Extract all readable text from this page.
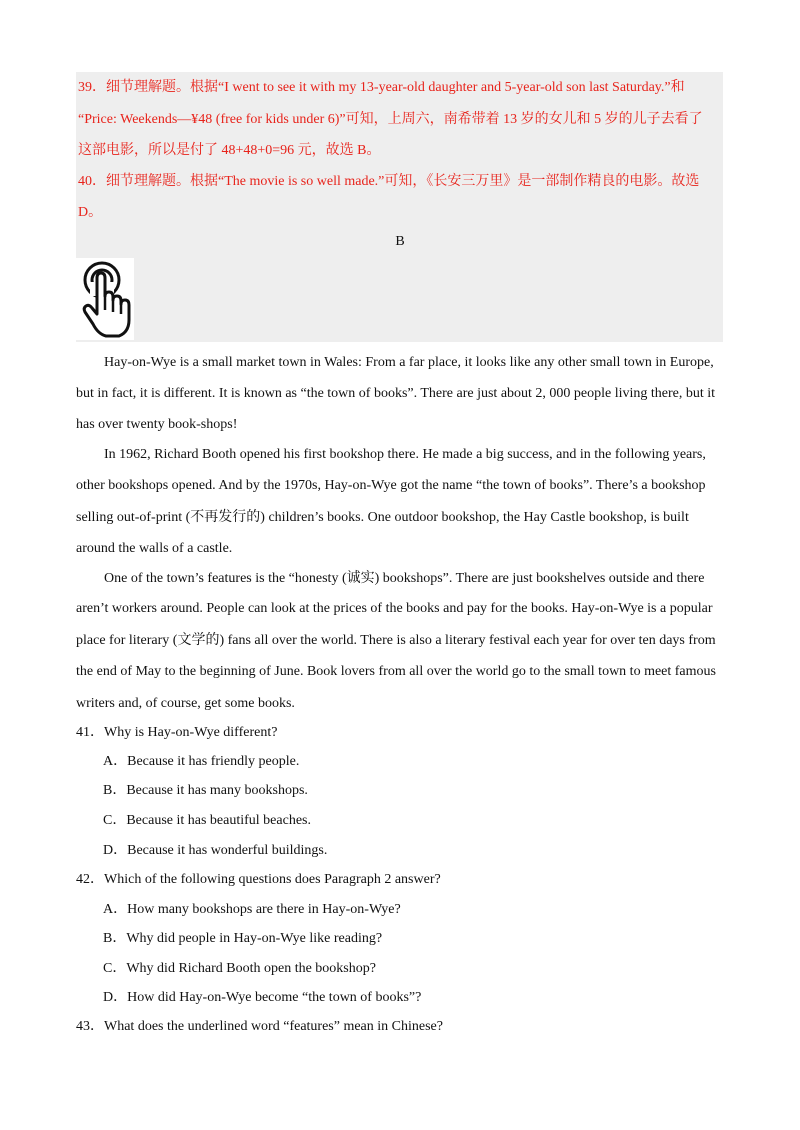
39．细节理解题。根据“I went to see it with my 13-year-old daughter and 5-year-old son last Saturday.”和
“Price: Weekends—¥48 (free for kids under 6)”可知，上周六，南希带着 13 岁的女儿和 5 岁的儿子去看了
这部电影，所以是付了 48+48+0=96 元，故选 B。
40．细节理解题。根据“The movie is so well made.”可知，《长安三万里》是一部制作精良的电影。故选
D。
B
Hay-on-Wye is a small market town in Wales: From a far place, it looks like any other small town in Europe,
but in fact, it is different. It is known as “the town of books”. There are just about 2, 000 people living there, but it
has over twenty book-shops!
In 1962, Richard Booth opened his first bookshop there. He made a big success, and in the following years,
other bookshops opened. And by the 1970s, Hay-on-Wye got the name “the town of books”. There’s a bookshop
selling out-of-print (不再发行的) children’s books. One outdoor bookshop, the Hay Castle bookshop, is built
around the walls of a castle.
One of the town’s features is the “honesty (诚实) bookshops”. There are just bookshelves outside and there
aren’t workers around. People can look at the prices of the books and pay for the books. Hay-on-Wye is a popular
place for literary (文学的) fans all over the world. There is also a literary festival each year for over ten days from
the end of May to the beginning of June. Book lovers from all over the world go to the small town to meet famous
writers and, of course, get some books.
41．Why is Hay-on-Wye different?
A．Because it has friendly people.
B．Because it has many bookshops.
C．Because it has beautiful beaches.
D．Because it has wonderful buildings.
42．Which of the following questions does Paragraph 2 answer?
A．How many bookshops are there in Hay-on-Wye?
B．Why did people in Hay-on-Wye like reading?
C．Why did Richard Booth open the bookshop?
D．How did Hay-on-Wye become “the town of books”?
43．What does the underlined word “features” mean in Chinese?
